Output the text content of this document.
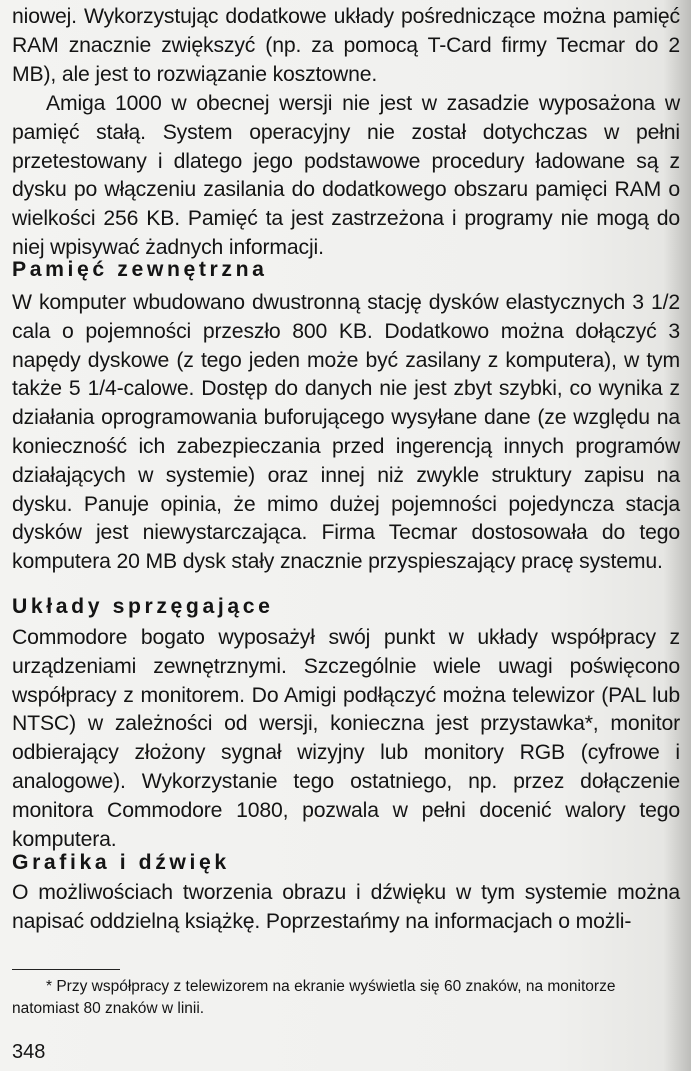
niowej. Wykorzystując dodatkowe układy pośredniczące można pamięć RAM znacznie zwiększyć (np. za pomocą T-Card firmy Tecmar do 2 MB), ale jest to rozwiązanie kosztowne.

Amiga 1000 w obecnej wersji nie jest w zasadzie wyposażona w pamięć stałą. System operacyjny nie został dotychczas w pełni przetestowany i dlatego jego podstawowe procedury ładowane są z dysku po włączeniu zasilania do dodatkowego obszaru pamięci RAM o wielkości 256 KB. Pamięć ta jest zastrzeżona i programy nie mogą do niej wpisywać żadnych informacji.

Pamięć zewnętrzna

W komputer wbudowano dwustronną stację dysków elastycznych 3 1/2 cala o pojemności przeszło 800 KB. Dodatkowo można dołączyć 3 napędy dyskowe (z tego jeden może być zasilany z komputera), w tym także 5 1/4-calowe. Dostęp do danych nie jest zbyt szybki, co wynika z działania oprogramowania buforującego wysyłane dane (ze względu na konieczność ich zabezpieczania przed ingerencją innych programów działających w systemie) oraz innej niż zwykle struktury zapisu na dysku. Panuje opinia, że mimo dużej pojemności pojedyncza stacja dysków jest niewystarczająca. Firma Tecmar dostosowała do tego komputera 20 MB dysk stały znacznie przyspieszający pracę systemu.

Układy sprzęgające

Commodore bogato wyposażył swój punkt w układy współpracy z urządzeniami zewnętrznymi. Szczególnie wiele uwagi poświęcono współpracy z monitorem. Do Amigi podłączyć można telewizor (PAL lub NTSC) w zależności od wersji, konieczna jest przystawka*, monitor odbierający złożony sygnał wizyjny lub monitory RGB (cyfrowe i analogowe). Wykorzystanie tego ostatniego, np. przez dołączenie monitora Commodore 1080, pozwala w pełni docenić walory tego komputera.

Grafika i dźwięk

O możliwościach tworzenia obrazu i dźwięku w tym systemie można napisać oddzielną książkę. Poprzestańmy na informacjach o możli-

* Przy współpracy z telewizorem na ekranie wyświetla się 60 znaków, na monitorze natomiast 80 znaków w linii.

348
